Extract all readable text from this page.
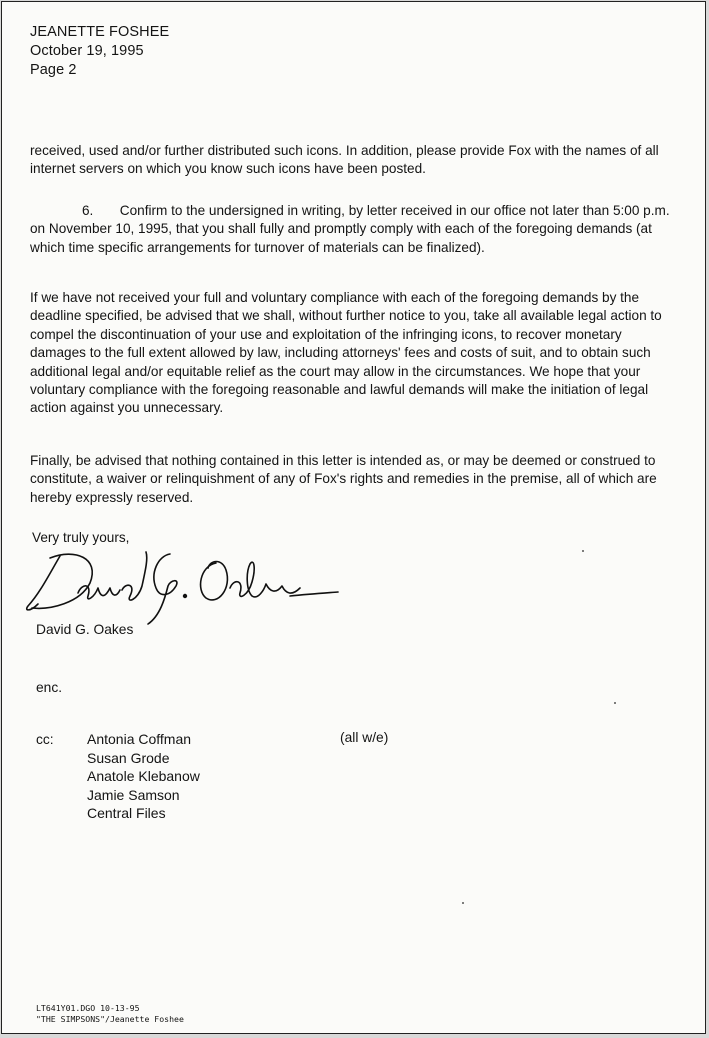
JEANETTE FOSHEE
October 19, 1995
Page 2

received, used and/or further distributed such icons. In addition, please provide Fox with the names of all internet servers on which you know such icons have been posted.

6.       Confirm to the undersigned in writing, by letter received in our office not later than 5:00 p.m. on November 10, 1995, that you shall fully and promptly comply with each of the foregoing demands (at which time specific arrangements for turnover of materials can be finalized).

If we have not received your full and voluntary compliance with each of the foregoing demands by the deadline specified, be advised that we shall, without further notice to you, take all available legal action to compel the discontinuation of your use and exploitation of the infringing icons, to recover monetary damages to the full extent allowed by law, including attorneys' fees and costs of suit, and to obtain such additional legal and/or equitable relief as the court may allow in the circumstances. We hope that your voluntary compliance with the foregoing reasonable and lawful demands will make the initiation of legal action against you unnecessary.

Finally, be advised that nothing contained in this letter is intended as, or may be deemed or construed to constitute, a waiver or relinquishment of any of Fox's rights and remedies in the premise, all of which are hereby expressly reserved.

Very truly yours,
David G. Oakes
enc.
cc: Antonia Coffman
Susan Grode
Anatole Klebanow
Jamie Samson
Central Files
(all w/e)
LT641Y01.DGO 10-13-95
"THE SIMPSONS"/Jeanette Foshee
